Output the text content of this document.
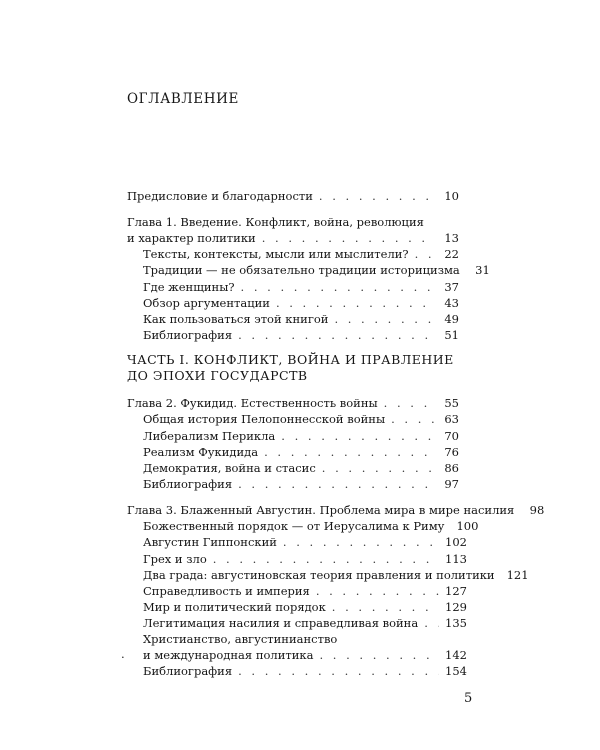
ОГЛАВЛЕНИЕ
Предисловие и благодарности . . .	10
Глава 1. Введение. Конфликт, война, революция
и характер политики . . .	13
Тексты, контексты, мысли или мыслители? . . .	22
Традиции — не обязательно традиции историцизма 31
Где женщины? . . .	37
Обзор аргументации . . .	43
Как пользоваться этой книгой . . .	49
Библиография . . .	51
ЧАСТЬ I. КОНФЛИКТ, ВОЙНА И ПРАВЛЕНИЕ
ДО ЭПОХИ ГОСУДАРСТВ
Глава 2. Фукидид. Естественность войны . . .	55
Общая история Пелопоннесской войны . . .	63
Либерализм Перикла . . .	70
Реализм Фукидида . . .	76
Демократия, война и стасис . . .	86
Библиография . . .	97
Глава 3. Блаженный Августин. Проблема мира в мире насилия 98
Божественный порядок — от Иерусалима к Риму 100
Августин Гиппонский . . .	102
Грех и зло . . .	113
Два града: августиновская теория правления и политики 121
Справедливость и империя . . .	127
Мир и политический порядок . . .	129
Легитимация насилия и справедливая война . . . 135
Христианство, августинианство
. и международная политика . . .	142
Библиография . . .	154
5
